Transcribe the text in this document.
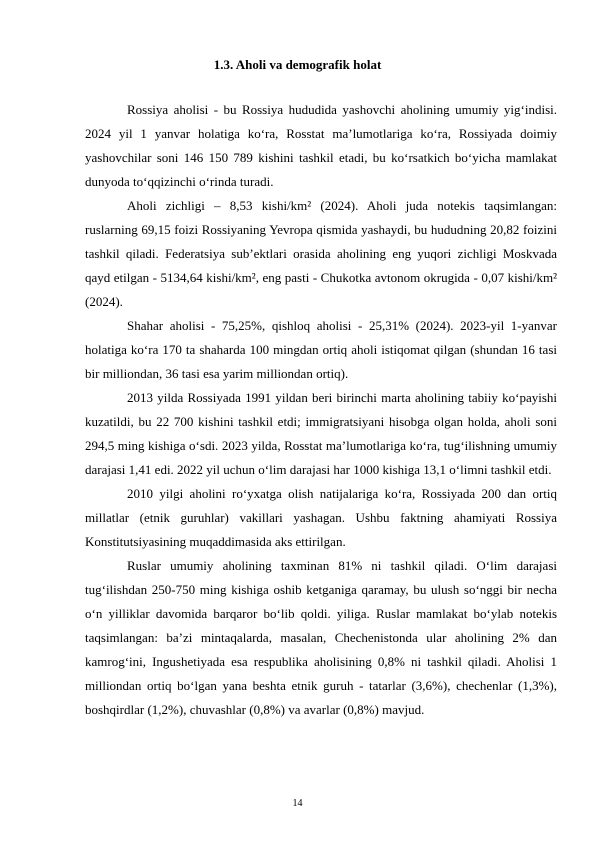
1.3. Aholi va demografik holat

Rossiya aholisi - bu Rossiya hududida yashovchi aholining umumiy yig‘indisi. 2024 yil 1 yanvar holatiga ko‘ra, Rosstat ma’lumotlariga ko‘ra, Rossiyada doimiy yashovchilar soni 146 150 789 kishini tashkil etadi, bu ko‘rsatkich bo‘yicha mamlakat dunyoda to‘qqizinchi o‘rinda turadi.

Aholi zichligi – 8,53 kishi/km² (2024). Aholi juda notekis taqsimlangan: ruslarning 69,15 foizi Rossiyaning Yevropa qismida yashaydi, bu hududning 20,82 foizini tashkil qiladi. Federatsiya sub’ektlari orasida aholining eng yuqori zichligi Moskvada qayd etilgan - 5134,64 kishi/km², eng pasti - Chukotka avtonom okrugida - 0,07 kishi/km² (2024).

Shahar aholisi - 75,25%, qishloq aholisi - 25,31% (2024). 2023-yil 1-yanvar holatiga ko‘ra 170 ta shaharda 100 mingdan ortiq aholi istiqomat qilgan (shundan 16 tasi bir milliondan, 36 tasi esa yarim milliondan ortiq).

2013 yilda Rossiyada 1991 yildan beri birinchi marta aholining tabiiy ko‘payishi kuzatildi, bu 22 700 kishini tashkil etdi; immigratsiyani hisobga olgan holda, aholi soni 294,5 ming kishiga o‘sdi. 2023 yilda, Rosstat ma’lumotlariga ko‘ra, tug‘ilishning umumiy darajasi 1,41 edi. 2022 yil uchun o‘lim darajasi har 1000 kishiga 13,1 o‘limni tashkil etdi.

2010 yilgi aholini ro‘yxatga olish natijalariga ko‘ra, Rossiyada 200 dan ortiq millatlar (etnik guruhlar) vakillari yashagan. Ushbu faktning ahamiyati Rossiya Konstitutsiyasining muqaddimasida aks ettirilgan.

Ruslar umumiy aholining taxminan 81% ni tashkil qiladi. O‘lim darajasi tug‘ilishdan 250-750 ming kishiga oshib ketganiga qaramay, bu ulush so‘nggi bir necha o‘n yilliklar davomida barqaror bo‘lib qoldi. yiliga. Ruslar mamlakat bo‘ylab notekis taqsimlangan: ba’zi mintaqalarda, masalan, Chechenistonda ular aholining 2% dan kamrog‘ini, Ingushetiyada esa respublika aholisining 0,8% ni tashkil qiladi. Aholisi 1 milliondan ortiq bo‘lgan yana beshta etnik guruh - tatarlar (3,6%), chechenlar (1,3%), boshqirdlar (1,2%), chuvashlar (0,8%) va avarlar (0,8%) mavjud.

14
